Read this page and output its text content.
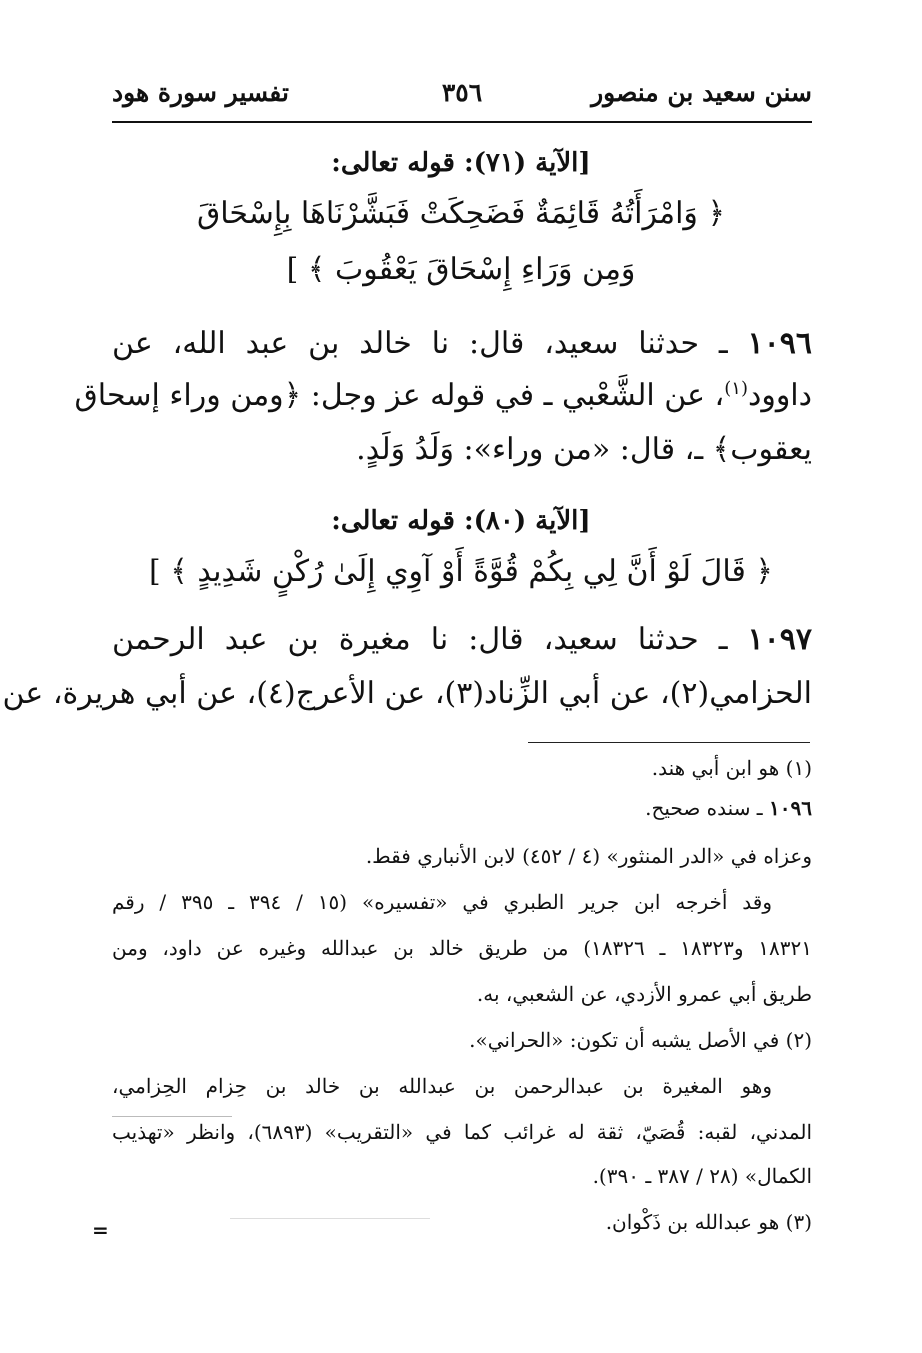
سنن سعيد بن منصور
٣٥٦
تفسير سورة هود
[الآية (٧١): قوله تعالى:
﴿ وَامْرَأَتُهُ قَائِمَةٌ فَضَحِكَتْ فَبَشَّرْنَاهَا بِإِسْحَاقَ
وَمِن وَرَاءِ إِسْحَاقَ يَعْقُوبَ ﴾ ]
١٠٩٦ ـ حدثنا سعيد، قال: نا خالد بن عبد الله، عن
داوود$^{(١)}$، عن الشَّعْبي ـ في قوله عز وجل: ﴿ومن وراء إسحاق
يعقوب﴾ ـ، قال: «من وراء»: وَلَدُ وَلَدٍ.
[الآية (٨٠): قوله تعالى:
﴿ قَالَ لَوْ أَنَّ لِي بِكُمْ قُوَّةً أَوْ آوِي إِلَىٰ رُكْنٍ شَدِيدٍ ﴾ ]
١٠٩٧ ـ حدثنا سعيد، قال: نا مغيرة بن عبد الرحمن
الحزامي(٢)، عن أبي الزِّناد(٣)، عن الأعرج(٤)، عن أبي هريرة، عن
(١) هو ابن أبي هند.
١٠٩٦ ـ سنده صحيح.
وعزاه في «الدر المنثور» (٤ / ٤٥٢) لابن الأنباري فقط.
وقد أخرجه ابن جرير الطبري في «تفسيره» (١٥ / ٣٩٤ ـ ٣٩٥ / رقم
١٨٣٢١ و١٨٣٢٣ ـ ١٨٣٢٦) من طريق خالد بن عبدالله وغيره عن داود، ومن
طريق أبي عمرو الأزدي، عن الشعبي، به.
(٢) في الأصل يشبه أن تكون: «الحراني».
وهو المغيرة بن عبدالرحمن بن عبدالله بن خالد بن حِزام الحِزامي،
المدني، لقبه: قُصَيّ، ثقة له غرائب كما في «التقريب» (٦٨٩٣)، وانظر «تهذيب
الكمال» (٢٨ / ٣٨٧ ـ ٣٩٠).
(٣) هو عبدالله بن ذَكْوان.
=
